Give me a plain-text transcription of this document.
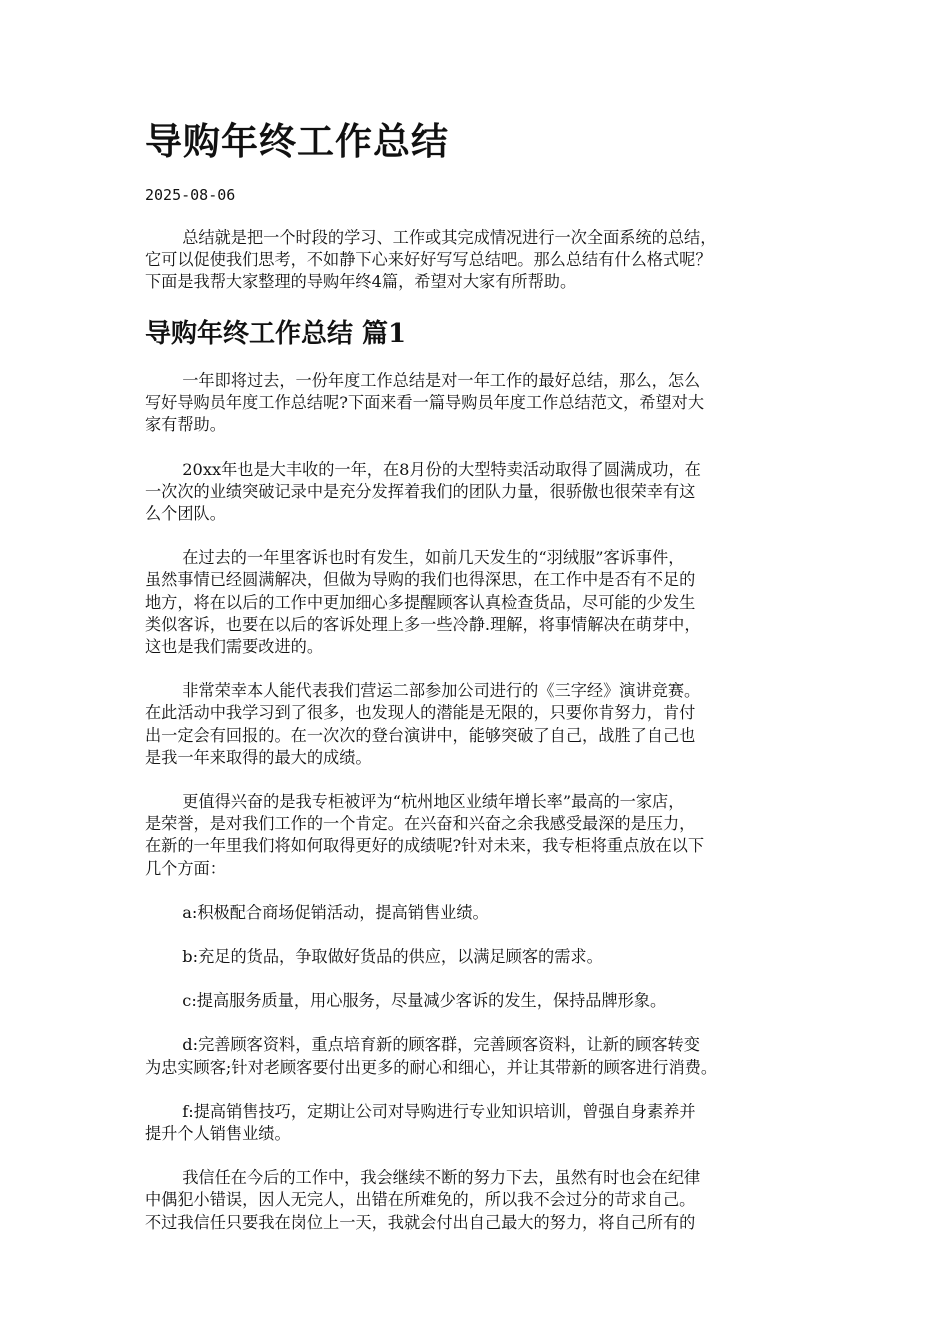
导购年终工作总结
2025-08-06

总结就是把一个时段的学习、工作或其完成情况进行一次全面系统的总结，
它可以促使我们思考，不如静下心来好好写写总结吧。那么总结有什么格式呢？
下面是我帮大家整理的导购年终4篇，希望对大家有所帮助。

导购年终工作总结 篇1

一年即将过去，一份年度工作总结是对一年工作的最好总结，那么，怎么
写好导购员年度工作总结呢?下面来看一篇导购员年度工作总结范文，希望对大
家有帮助。

20xx年也是大丰收的一年，在8月份的大型特卖活动取得了圆满成功，在
一次次的业绩突破记录中是充分发挥着我们的团队力量，很骄傲也很荣幸有这
么个团队。

在过去的一年里客诉也时有发生，如前几天发生的“羽绒服”客诉事件，
虽然事情已经圆满解决，但做为导购的我们也得深思，在工作中是否有不足的
地方，将在以后的工作中更加细心多提醒顾客认真检查货品，尽可能的少发生
类似客诉，也要在以后的客诉处理上多一些冷静.理解，将事情解决在萌芽中，
这也是我们需要改进的。

非常荣幸本人能代表我们营运二部参加公司进行的《三字经》演讲竞赛。
在此活动中我学习到了很多，也发现人的潜能是无限的，只要你肯努力，肯付
出一定会有回报的。在一次次的登台演讲中，能够突破了自己，战胜了自己也
是我一年来取得的最大的成绩。

更值得兴奋的是我专柜被评为“杭州地区业绩年增长率”最高的一家店，
是荣誉，是对我们工作的一个肯定。在兴奋和兴奋之余我感受最深的是压力，
在新的一年里我们将如何取得更好的成绩呢?针对未来，我专柜将重点放在以下
几个方面：

a:积极配合商场促销活动，提高销售业绩。

b:充足的货品，争取做好货品的供应，以满足顾客的需求。

c:提高服务质量，用心服务，尽量减少客诉的发生，保持品牌形象。

d:完善顾客资料，重点培育新的顾客群，完善顾客资料，让新的顾客转变
为忠实顾客;针对老顾客要付出更多的耐心和细心，并让其带新的顾客进行消费。

f:提高销售技巧，定期让公司对导购进行专业知识培训，曾强自身素养并
提升个人销售业绩。

我信任在今后的工作中，我会继续不断的努力下去，虽然有时也会在纪律
中偶犯小错误，因人无完人，出错在所难免的，所以我不会过分的苛求自己。
不过我信任只要我在岗位上一天，我就会付出自己最大的努力，将自己所有的
